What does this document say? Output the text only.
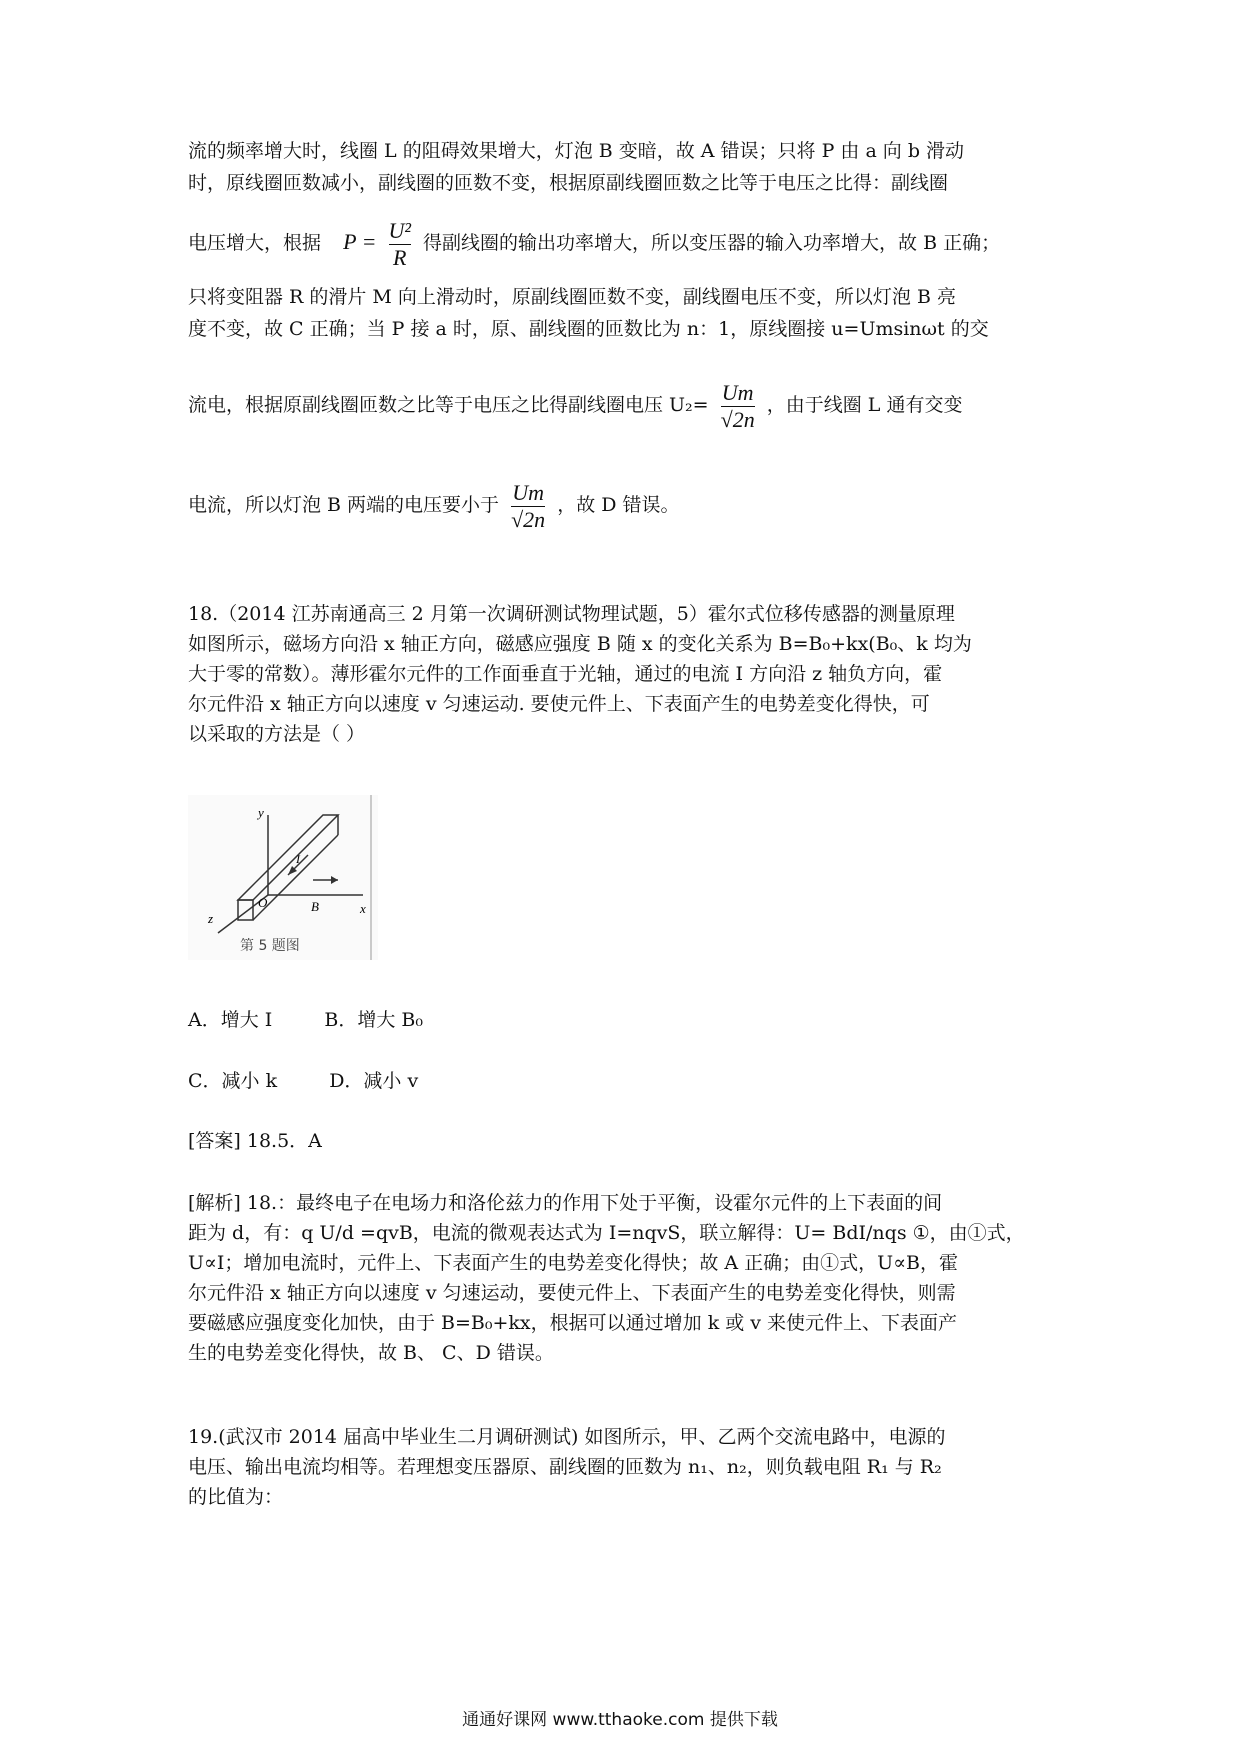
流的频率增大时，线圈 L 的阻碍效果增大，灯泡 B 变暗，故 A 错误；只将 P 由 a 向 b 滑动
时，原线圈匝数减小，副线圈的匝数不变，根据原副线圈匝数之比等于电压之比得：副线圈
电压增大，根据 $P = \frac{\text{U²}}{R}$ 得副线圈的输出功率增大，所以变压器的输入功率增大，故 B 正确；
只将变阻器 R 的滑片 M 向上滑动时，原副线圈匝数不变，副线圈电压不变，所以灯泡 B 亮
度不变，故 C 正确；当 P 接 a 时，原、副线圈的匝数比为 n：1，原线圈接 u=Umsinωt 的交
流电，根据原副线圈匝数之比等于电压之比得副线圈电压 $U_2= \frac{Um}{√2n}$ ，由于线圈 L 通有交变
电流，所以灯泡 B 两端的电压要小于 $\frac{Um}{√2n}$ ，故 D 错误。
18.（2014 江苏南通高三 2 月第一次调研测试物理试题，5）霍尔式位移传感器的测量原理
如图所示，磁场方向沿 x 轴正方向，磁感应强度 B 随 x 的变化关系为 B=B₀+kx(B₀、k 均为
大于零的常数）。薄形霍尔元件的工作面垂直于光轴，通过的电流 I 方向沿 z 轴负方向，霍
尔元件沿 x 轴正方向以速度 v 匀速运动. 要使元件上、下表面产生的电势差变化得快，可
以采取的方法是（ ）
y
x
z
O	B
I
第 5 题图
A．增大 I	B．增大 B₀
C．减小 k	D．减小 v
[答案] 18.5．A
[解析] 18.：最终电子在电场力和洛伦兹力的作用下处于平衡，设霍尔元件的上下表面的间
距为 d，有：q U/d =qvB，电流的微观表达式为 I=nqvS，联立解得：U= BdI/nqs ①，由①式，
U∝I；增加电流时，元件上、下表面产生的电势差变化得快；故 A 正确；由①式，U∝B，霍
尔元件沿 x 轴正方向以速度 v 匀速运动，要使元件上、下表面产生的电势差变化得快，则需
要磁感应强度变化加快，由于 B=B₀+kx，根据可以通过增加 k 或 v 来使元件上、下表面产
生的电势差变化得快，故 B、 C、D 错误。
19.(武汉市 2014 届高中毕业生二月调研测试) 如图所示，甲、乙两个交流电路中，电源的
电压、输出电流均相等。若理想变压器原、副线圈的匝数为 n₁、n₂，则负载电阻 R₁ 与 R₂
的比值为：
通通好课网 www.tthaoke.com 提供下载
